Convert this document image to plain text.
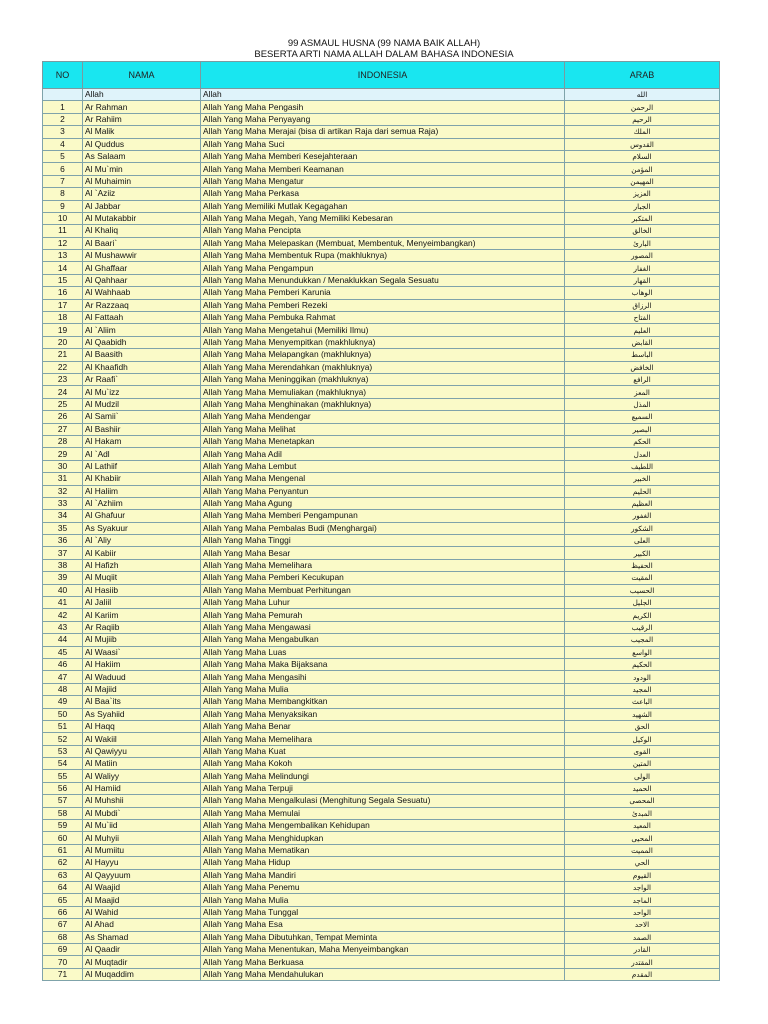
99 ASMAUL HUSNA (99 NAMA BAIK ALLAH)
BESERTA ARTI NAMA ALLAH DALAM BAHASA INDONESIA
NO	NAMA	INDONESIA	ARAB
	Allah	Allah	الله
1	Ar Rahman	Allah Yang Maha Pengasih	الرحمن
2	Ar Rahiim	Allah Yang Maha Penyayang	الرحيم
3	Al Malik	Allah Yang Maha Merajai (bisa di artikan Raja dari semua Raja)	الملك
4	Al Quddus	Allah Yang Maha Suci	القدوس
5	As Salaam	Allah Yang Maha Memberi Kesejahteraan	السلام
6	Al Mu`min	Allah Yang Maha Memberi Keamanan	المؤمن
7	Al Muhaimin	Allah Yang Maha Mengatur	المهيمن
8	Al `Aziiz	Allah Yang Maha Perkasa	العزيز
9	Al Jabbar	Allah Yang Memiliki Mutlak Kegagahan	الجبار
10	Al Mutakabbir	Allah Yang Maha Megah, Yang Memiliki Kebesaran	المتكبر
11	Al Khaliq	Allah Yang Maha Pencipta	الخالق
12	Al Baari`	Allah Yang Maha Melepaskan (Membuat, Membentuk, Menyeimbangkan)	البارئ
13	Al Mushawwir	Allah Yang Maha Membentuk Rupa (makhluknya)	المصور
14	Al Ghaffaar	Allah Yang Maha Pengampun	الغفار
15	Al Qahhaar	Allah Yang Maha Menundukkan / Menaklukkan Segala Sesuatu	القهار
16	Al Wahhaab	Allah Yang Maha Pemberi Karunia	الوهاب
17	Ar Razzaaq	Allah Yang Maha Pemberi Rezeki	الرزاق
18	Al Fattaah	Allah Yang Maha Pembuka Rahmat	الفتاح
19	Al `Aliim	Allah Yang Maha Mengetahui (Memiliki Ilmu)	العليم
20	Al Qaabidh	Allah Yang Maha Menyempitkan (makhluknya)	القابض
21	Al Baasith	Allah Yang Maha Melapangkan (makhluknya)	الباسط
22	Al Khaafidh	Allah Yang Maha Merendahkan (makhluknya)	الخافض
23	Ar Raafi`	Allah Yang Maha Meninggikan (makhluknya)	الرافع
24	Al Mu`izz	Allah Yang Maha Memuliakan (makhluknya)	المعز
25	Al Mudzil	Allah Yang Maha Menghinakan (makhluknya)	المذل
26	Al Samii`	Allah Yang Maha Mendengar	السميع
27	Al Bashiir	Allah Yang Maha Melihat	البصير
28	Al Hakam	Allah Yang Maha Menetapkan	الحكم
29	Al `Adl	Allah Yang Maha Adil	العدل
30	Al Lathiif	Allah Yang Maha Lembut	اللطيف
31	Al Khabiir	Allah Yang Maha Mengenal	الخبير
32	Al Haliim	Allah Yang Maha Penyantun	الحليم
33	Al `Azhiim	Allah Yang Maha Agung	العظيم
34	Al Ghafuur	Allah Yang Maha Memberi Pengampunan	الغفور
35	As Syakuur	Allah Yang Maha Pembalas Budi (Menghargai)	الشكور
36	Al `Aliy	Allah Yang Maha Tinggi	العلى
37	Al Kabiir	Allah Yang Maha Besar	الكبير
38	Al Hafizh	Allah Yang Maha Memelihara	الحفيظ
39	Al Muqiit	Allah Yang Maha Pemberi Kecukupan	المقيت
40	Al Hasiib	Allah Yang Maha Membuat Perhitungan	الحسيب
41	Al Jaliil	Allah Yang Maha Luhur	الجليل
42	Al Kariim	Allah Yang Maha Pemurah	الكريم
43	Ar Raqiib	Allah Yang Maha Mengawasi	الرقيب
44	Al Mujiib	Allah Yang Maha Mengabulkan	المجيب
45	Al Waasi`	Allah Yang Maha Luas	الواسع
46	Al Hakiim	Allah Yang Maha Maka Bijaksana	الحكيم
47	Al Waduud	Allah Yang Maha Mengasihi	الودود
48	Al Majiid	Allah Yang Maha Mulia	المجيد
49	Al Baa`its	Allah Yang Maha Membangkitkan	الباعث
50	As Syahiid	Allah Yang Maha Menyaksikan	الشهيد
51	Al Haqq	Allah Yang Maha Benar	الحق
52	Al Wakiil	Allah Yang Maha Memelihara	الوكيل
53	Al Qawiyyu	Allah Yang Maha Kuat	القوى
54	Al Matiin	Allah Yang Maha Kokoh	المتين
55	Al Waliyy	Allah Yang Maha Melindungi	الولى
56	Al Hamiid	Allah Yang Maha Terpuji	الحميد
57	Al Muhshii	Allah Yang Maha Mengalkulasi (Menghitung Segala Sesuatu)	المحصى
58	Al Mubdi`	Allah Yang Maha Memulai	المبدئ
59	Al Mu`iid	Allah Yang Maha Mengembalikan Kehidupan	المعيد
60	Al Muhyii	Allah Yang Maha Menghidupkan	المحيى
61	Al Mumiitu	Allah Yang Maha Mematikan	المميت
62	Al Hayyu	Allah Yang Maha Hidup	الحي
63	Al Qayyuum	Allah Yang Maha Mandiri	القيوم
64	Al Waajid	Allah Yang Maha Penemu	الواجد
65	Al Maajid	Allah Yang Maha Mulia	الماجد
66	Al Wahid	Allah Yang Maha Tunggal	الواحد
67	Al Ahad	Allah Yang Maha Esa	الاحد
68	As Shamad	Allah Yang Maha Dibutuhkan, Tempat Meminta	الصمد
69	Al Qaadir	Allah Yang Maha Menentukan, Maha Menyeimbangkan	القادر
70	Al Muqtadir	Allah Yang Maha Berkuasa	المقتدر
71	Al Muqaddim	Allah Yang Maha Mendahulukan	المقدم
